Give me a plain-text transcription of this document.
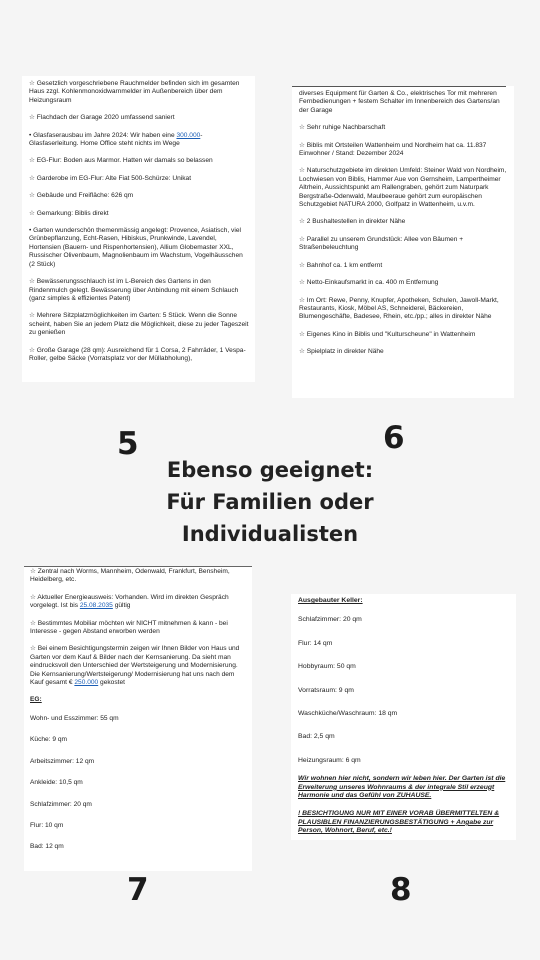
☆ Gesetzlich vorgeschriebene Rauchmelder befinden sich im gesamten Haus zzgl. Kohlenmonoxidwarnmelder im Außenbereich über dem Heizungsraum

☆ Flachdach der Garage 2020 umfassend saniert

• Glasfaserausbau im Jahre 2024: Wir haben eine 300.000-Glasfaserleitung. Home Office steht nichts im Wege

☆ EG-Flur: Boden aus Marmor. Hatten wir damals so belassen

☆ Garderobe im EG-Flur: Alte Fiat 500-Schürze: Unikat

☆ Gebäude und Freifläche: 626 qm

☆ Gemarkung: Biblis direkt

• Garten wunderschön themenmässig angelegt: Provence, Asiatisch, viel Grünbepflanzung, Echt-Rasen, Hibiskus, Prunkwinde, Lavendel, Hortensien (Bauern- und Rispenhortensien), Allium Globemaster XXL, Russischer Olivenbaum, Magnolienbaum im Wachstum, Vogelhäusschen (2 Stück)

☆ Bewässerungsschlauch ist im L-Bereich des Gartens in den Rindenmulch gelegt. Bewässerung über Anbindung mit einem Schlauch (ganz simples & effizientes Patent)

☆ Mehrere Sitzplatzmöglichkeiten im Garten: 5 Stück. Wenn die Sonne scheint, haben Sie an jedem Platz die Möglichkeit, diese zu jeder Tageszeit zu genießen

☆ Große Garage (28 qm): Ausreichend für 1 Corsa, 2 Fahrräder, 1 Vespa-Roller, gelbe Säcke (Vorratsplatz vor der Müllabholung),

diverses Equipment für Garten & Co., elektrisches Tor mit mehreren Fernbedienungen + festem Schalter im Innenbereich des Gartens/an der Garage

☆ Sehr ruhige Nachbarschaft

☆ Biblis mit Ortsteilen Wattenheim und Nordheim hat ca. 11.837 Einwohner / Stand: Dezember 2024

☆ Naturschutzgebiete im direkten Umfeld: Steiner Wald von Nordheim, Lochwiesen von Biblis, Hammer Aue von Gernsheim, Lampertheimer Altrhein, Aussichtspunkt am Rallengraben, gehört zum Naturpark Bergstraße-Odenwald, Maulbeeraue gehört zum europäischen Schutzgebiet NATURA 2000, Golfpatz in Wattenheim, u.v.m.

☆ 2 Bushaltestellen in direkter Nähe

☆ Parallel zu unserem Grundstück: Allee von Bäumen + Straßenbeleuchtung

☆ Bahnhof ca. 1 km entfernt

☆ Netto-Einkaufsmarkt in ca. 400 m Entfernung

☆ Im Ort: Rewe, Penny, Knupfer, Apotheken, Schulen, Jawoll-Markt, Restaurants, Kiosk, Möbel AS, Schneiderei, Bäckereien, Blumengeschäfte, Badesee, Rhein, etc./pp.; alles in direkter Nähe

☆ Eigenes Kino in Biblis und "Kulturscheune" in Wattenheim

☆ Spielplatz in direkter Nähe

5	6
Ebenso geeignet:
Für Familien oder
Individualisten

☆ Zentral nach Worms, Mannheim, Odenwald, Frankfurt, Bensheim, Heidelberg, etc.

☆ Aktueller Energieausweis: Vorhanden. Wird im direkten Gespräch vorgelegt. Ist bis 25.08.2035 gültig

☆ Bestimmtes Mobiliar möchten wir NICHT mitnehmen & kann - bei Interesse - gegen Abstand erworben werden

☆ Bei einem Besichtigungstermin zeigen wir Ihnen Bilder von Haus und Garten vor dem Kauf & Bilder nach der Kernsanierung. Da sieht man eindrucksvoll den Unterschied der Wertsteigerung und Modernisierung. Die Kernsanierung/Wertsteigerung/ Modernisierung hat uns nach dem Kauf gesamt € 250.000 gekostet

EG:

Wohn- und Esszimmer: 55 qm

Küche: 9 qm

Arbeitszimmer: 12 qm

Ankleide: 10,5 qm

Schlafzimmer: 20 qm

Flur: 10 qm

Bad: 12 qm

Ausgebauter Keller:

Schlafzimmer: 20 qm

Flur: 14 qm

Hobbyraum: 50 qm

Vorratsraum: 9 qm

Waschküche/Waschraum: 18 qm

Bad: 2,5 qm

Heizungsraum: 6 qm

Wir wohnen hier nicht, sondern wir leben hier. Der Garten ist die Erweiterung unseres Wohnraums & der integrale Stil erzeugt Harmonie und das Gefühl von ZUHAUSE.

! BESICHTIGUNG NUR MIT EINER VORAB ÜBERMITTELTEN & PLAUSIBLEN FINANZIERUNGSBESTÄTIGUNG + Angabe zur Person, Wohnort, Beruf, etc.!

7	8
